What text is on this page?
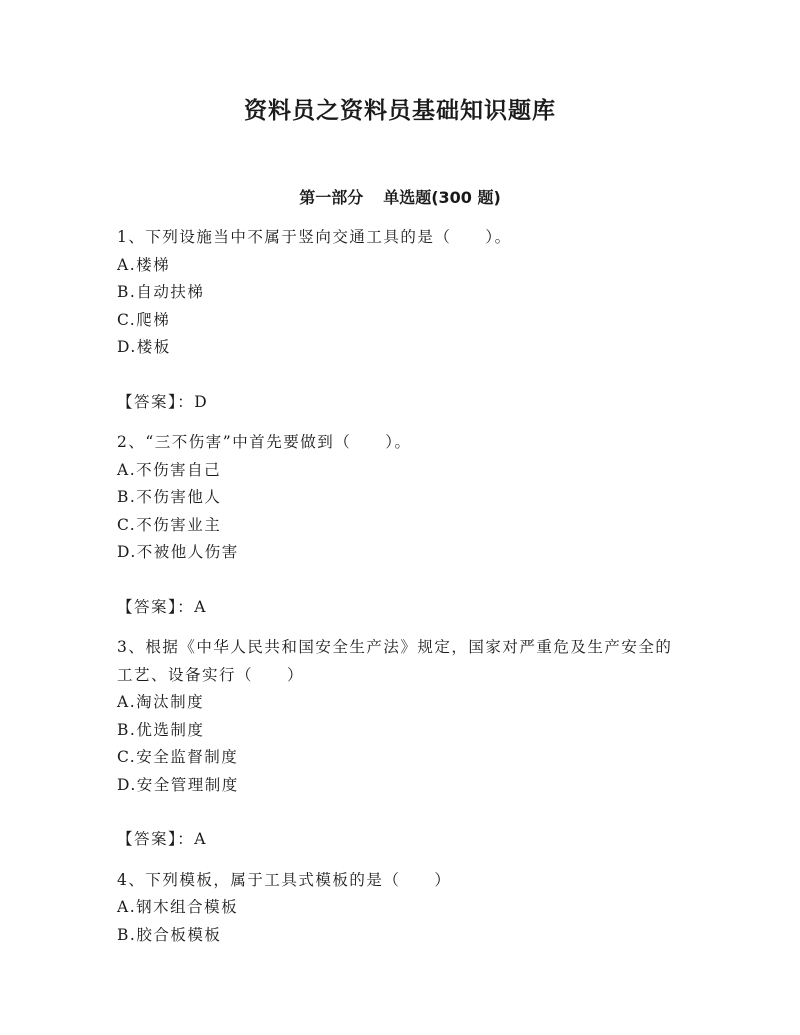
资料员之资料员基础知识题库
第一部分 单选题(300 题)
1、下列设施当中不属于竖向交通工具的是（　　）。
A.楼梯
B.自动扶梯
C.爬梯
D.楼板
【答案】：D
2、“三不伤害”中首先要做到（　　）。
A.不伤害自己
B.不伤害他人
C.不伤害业主
D.不被他人伤害
【答案】：A
3、根据《中华人民共和国安全生产法》规定，国家对严重危及生产安全的工艺、设备实行（　　）
A.淘汰制度
B.优选制度
C.安全监督制度
D.安全管理制度
【答案】：A
4、下列模板，属于工具式模板的是（　　）
A.钢木组合模板
B.胶合板模板
